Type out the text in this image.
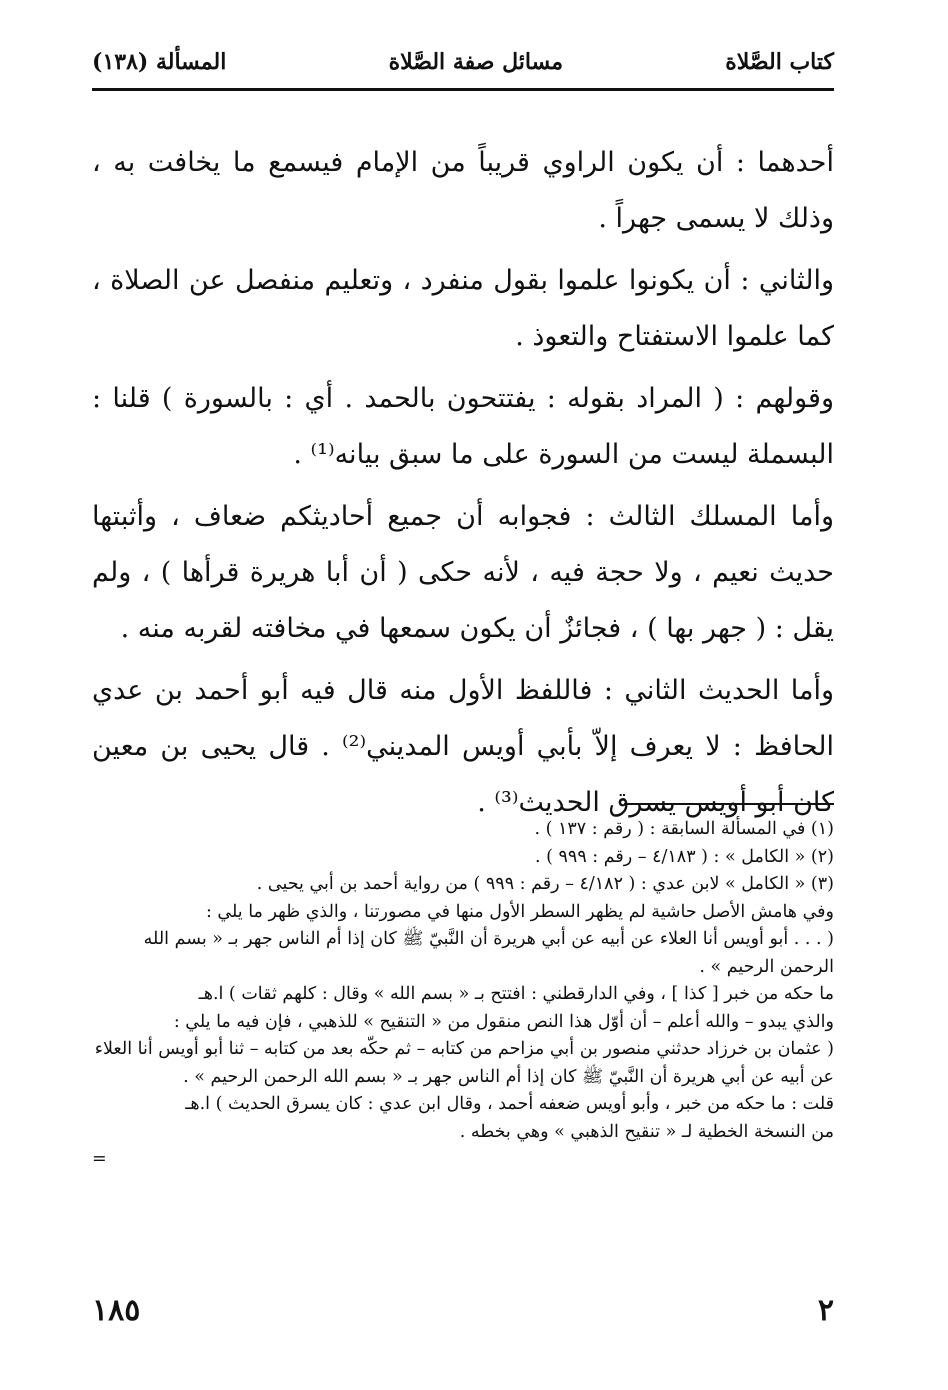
كتاب الصَّلاة
مسائل صفة الصَّلاة
المسألة (١٣٨)

أحدهما : أن يكون الراوي قريباً من الإمام فيسمع ما يخافت به ، وذلك لا يسمى جهراً .

والثاني : أن يكونوا علموا بقول منفرد ، وتعليم منفصل عن الصلاة ، كما علموا الاستفتاح والتعوذ .

وقولهم : ( المراد بقوله : يفتتحون بالحمد . أي : بالسورة ) قلنا : البسملة ليست من السورة على ما سبق بيانه⁽¹⁾ .

وأما المسلك الثالث : فجوابه أن جميع أحاديثكم ضعاف ، وأثبتها حديث نعيم ، ولا حجة فيه ، لأنه حكى ( أن أبا هريرة قرأها ) ، ولم يقل : ( جهر بها ) ، فجائزٌ أن يكون سمعها في مخافته لقربه منه .

وأما الحديث الثاني : فاللفظ الأول منه قال فيه أبو أحمد بن عدي الحافظ : لا يعرف إلاّ بأبي أويس المديني⁽²⁾ . قال يحيى بن معين كان أبو أويس يسرق الحديث⁽³⁾ .

(١) في المسألة السابقة : ( رقم : ١٣٧ ) .

(٢) « الكامل » : ( ٤/١٨٣ – رقم : ٩٩٩ ) .

(٣) « الكامل » لابن عدي : ( ٤/١٨٢ – رقم : ٩٩٩ ) من رواية أحمد بن أبي يحيى .

وفي هامش الأصل حاشية لم يظهر السطر الأول منها في مصورتنا ، والذي ظهر ما يلي :

( . . . أبو أويس أنا العلاء عن أبيه عن أبي هريرة أن النَّبيّ ﷺ كان إذا أم الناس جهر بـ « بسم الله الرحمن الرحيم » .

ما حكه من خبر [ كذا ] ، وفي الدارقطني : افتتح بـ « بسم الله » وقال : كلهم ثقات ) ا.هـ

والذي يبدو – والله أعلم – أن أوّل هذا النص منقول من « التنقيح » للذهبي ، فإن فيه ما يلي :

( عثمان بن خرزاد حدثني منصور بن أبي مزاحم من كتابه – ثم حكّه بعد من كتابه – ثنا أبو أويس أنا العلاء عن أبيه عن أبي هريرة أن النَّبيّ ﷺ كان إذا أم الناس جهر بـ « بسم الله الرحمن الرحيم » .

قلت : ما حكه من خبر ، وأبو أويس ضعفه أحمد ، وقال ابن عدي : كان يسرق الحديث ) ا.هـ

من النسخة الخطية لـ « تنقيح الذهبي » وهي بخطه .

=

٢
١٨٥
